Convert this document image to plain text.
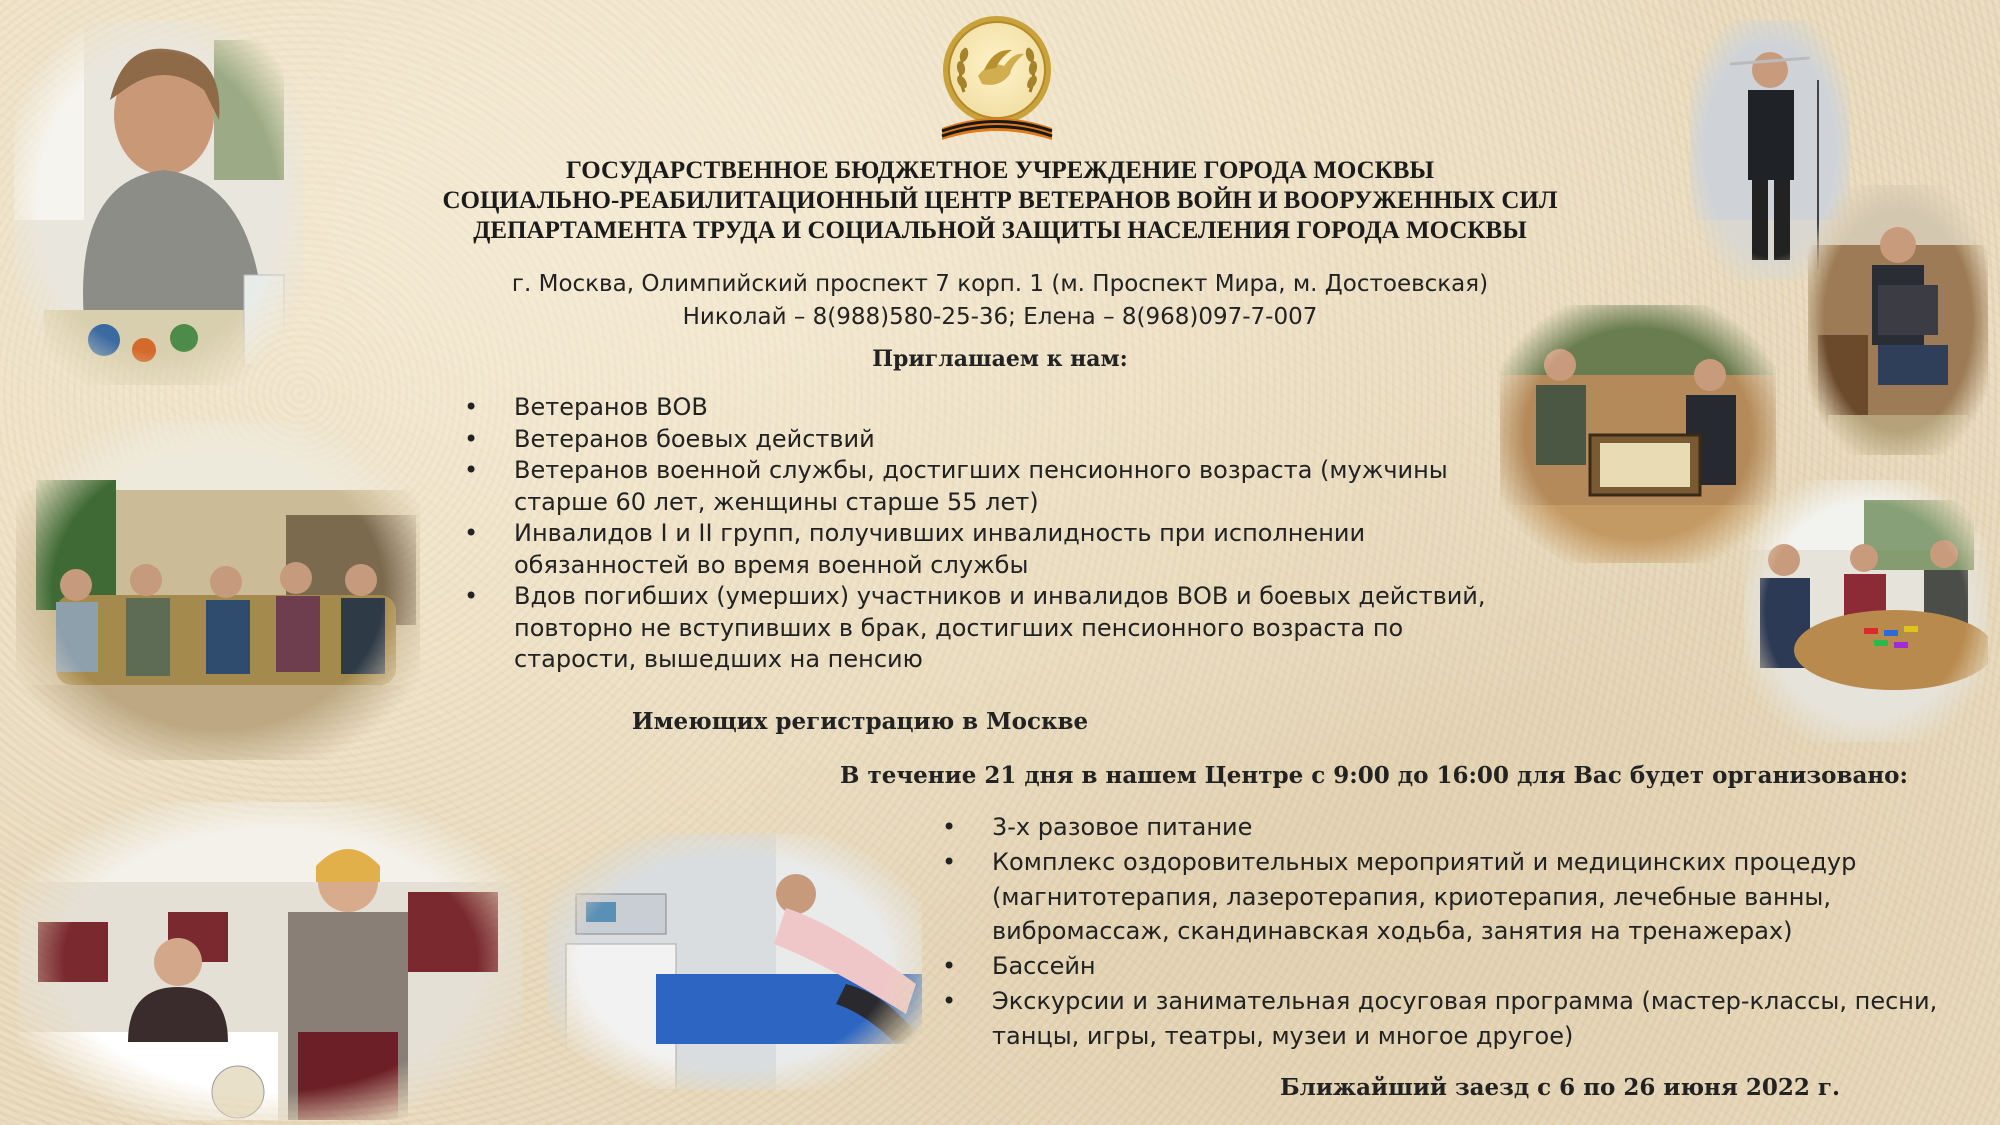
ГОСУДАРСТВЕННОЕ БЮДЖЕТНОЕ УЧРЕЖДЕНИЕ ГОРОДА МОСКВЫ
СОЦИАЛЬНО-РЕАБИЛИТАЦИОННЫЙ ЦЕНТР ВЕТЕРАНОВ ВОЙН И ВООРУЖЕННЫХ СИЛ
ДЕПАРТАМЕНТА ТРУДА И СОЦИАЛЬНОЙ ЗАЩИТЫ НАСЕЛЕНИЯ ГОРОДА МОСКВЫ
г. Москва, Олимпийский проспект 7 корп. 1 (м. Проспект Мира, м. Достоевская)
Николай – 8(988)580-25-36; Елена – 8(968)097-7-007
Приглашаем к нам:
• Ветеранов ВОВ
• Ветеранов боевых действий
• Ветеранов военной службы, достигших пенсионного возраста (мужчины старше 60 лет, женщины старше 55 лет)
• Инвалидов I и II групп, получивших инвалидность при исполнении обязанностей во время военной службы
• Вдов погибших (умерших) участников и инвалидов ВОВ и боевых действий, повторно не вступивших в брак, достигших пенсионного возраста по старости, вышедших на пенсию
Имеющих регистрацию в Москве
В течение 21 дня в нашем Центре с 9:00 до 16:00 для Вас будет организовано:
• 3-х разовое питание
• Комплекс оздоровительных мероприятий и медицинских процедур (магнитотерапия, лазеротерапия, криотерапия, лечебные ванны, вибромассаж, скандинавская ходьба, занятия на тренажерах)
• Бассейн
• Экскурсии и занимательная досуговая программа (мастер-классы, песни, танцы, игры, театры, музеи и многое другое)
Ближайший заезд с 6 по 26 июня 2022 г.
